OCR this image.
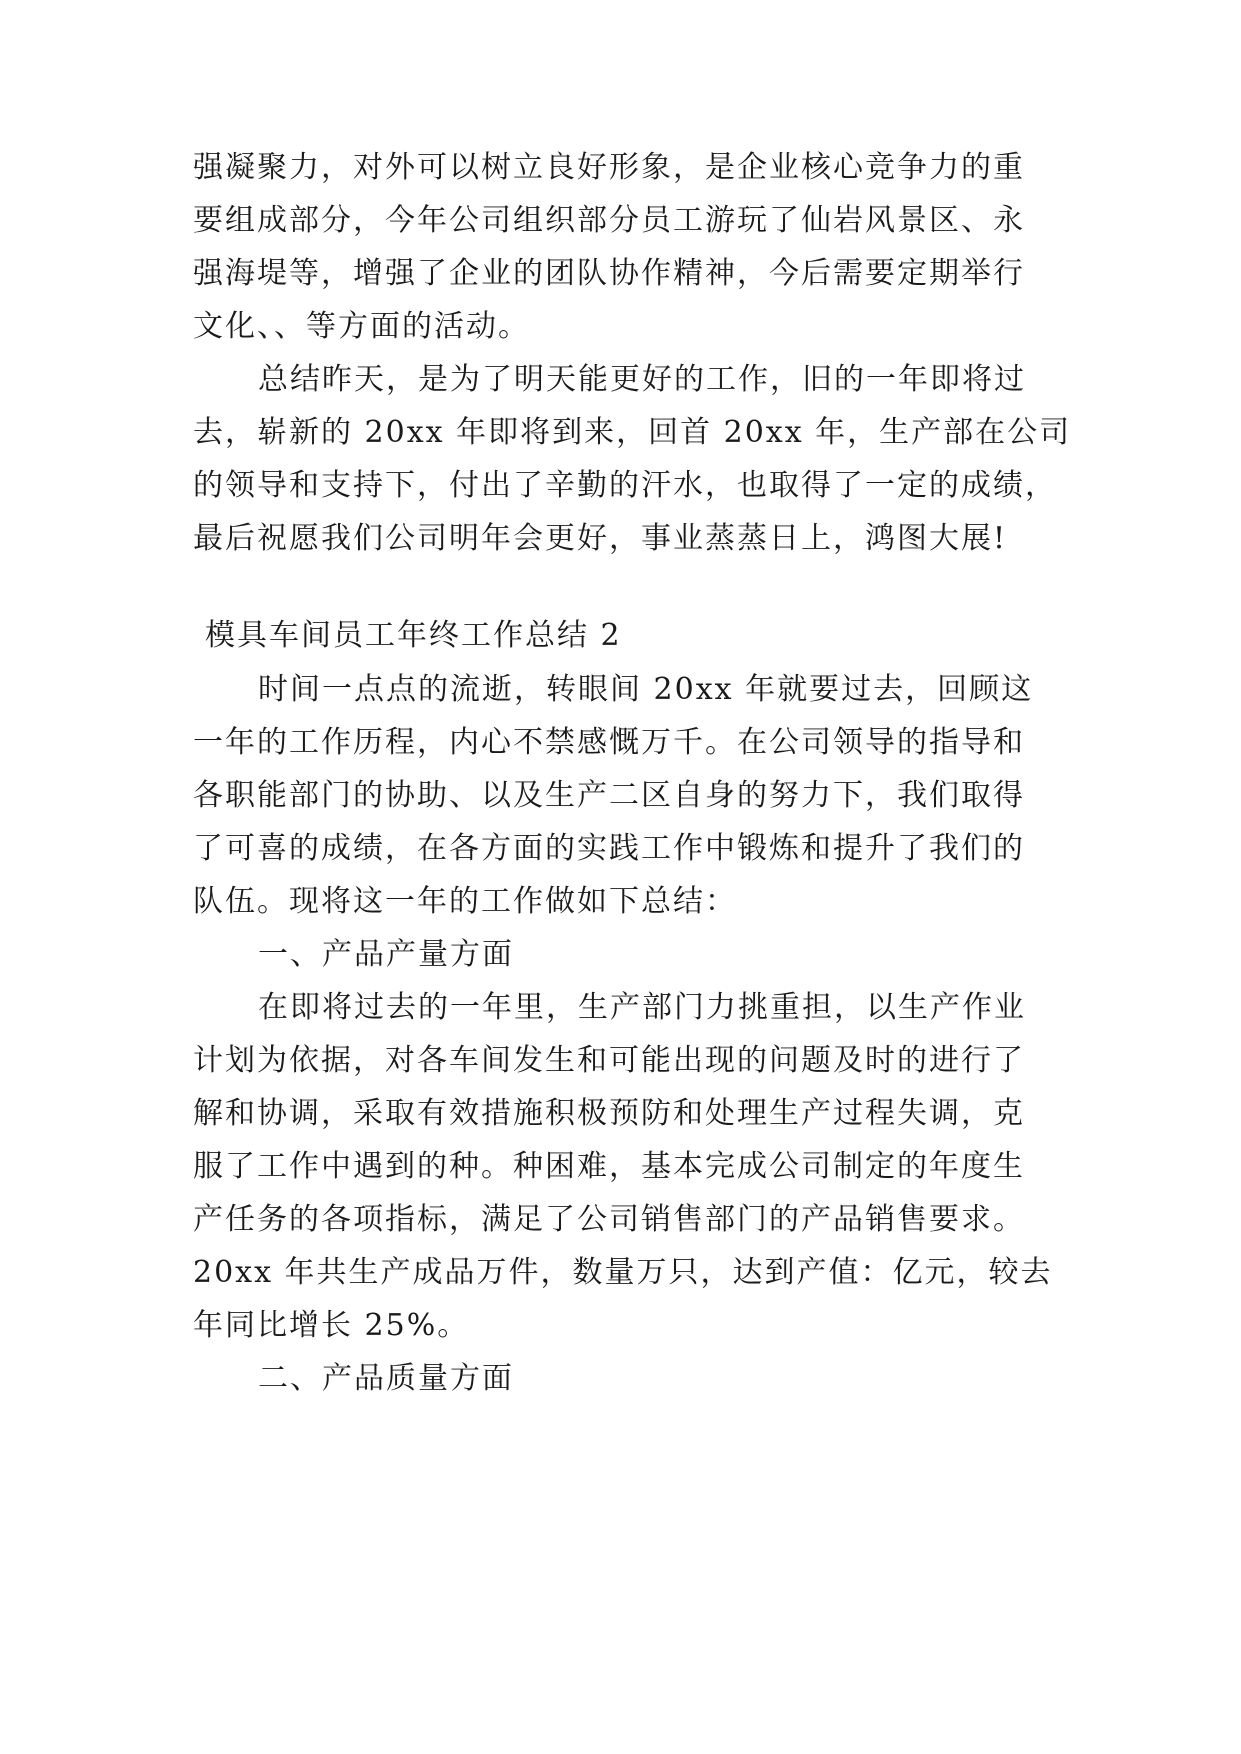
强凝聚力，对外可以树立良好形象，是企业核心竞争力的重
要组成部分，今年公司组织部分员工游玩了仙岩风景区、永
强海堤等，增强了企业的团队协作精神，今后需要定期举行
文化、、等方面的活动。
总结昨天，是为了明天能更好的工作，旧的一年即将过
去，崭新的 20xx 年即将到来，回首 20xx 年，生产部在公司
的领导和支持下，付出了辛勤的汗水，也取得了一定的成绩，
最后祝愿我们公司明年会更好，事业蒸蒸日上，鸿图大展!
模具车间员工年终工作总结 2
时间一点点的流逝，转眼间 20xx 年就要过去，回顾这
一年的工作历程，内心不禁感慨万千。在公司领导的指导和
各职能部门的协助、以及生产二区自身的努力下，我们取得
了可喜的成绩，在各方面的实践工作中锻炼和提升了我们的
队伍。现将这一年的工作做如下总结：
一、产品产量方面
在即将过去的一年里，生产部门力挑重担，以生产作业
计划为依据，对各车间发生和可能出现的问题及时的进行了
解和协调，采取有效措施积极预防和处理生产过程失调，克
服了工作中遇到的种。种困难，基本完成公司制定的年度生
产任务的各项指标，满足了公司销售部门的产品销售要求。
20xx 年共生产成品万件，数量万只，达到产值：亿元，较去
年同比增长 25%。
二、产品质量方面
